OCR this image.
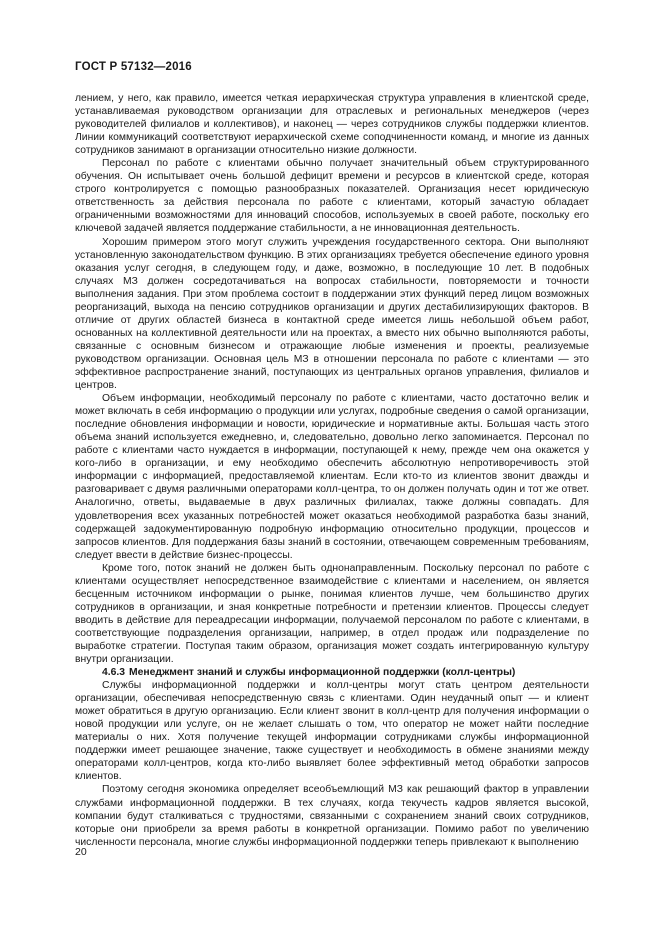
ГОСТ Р 57132—2016

лением, у него, как правило, имеется четкая иерархическая структура управления в клиентской среде, устанавливаемая руководством организации для отраслевых и региональных менеджеров (через руководителей филиалов и коллективов), и наконец — через сотрудников службы поддержки клиентов. Линии коммуникаций соответствуют иерархической схеме соподчиненности команд, и многие из данных сотрудников занимают в организации относительно низкие должности.

Персонал по работе с клиентами обычно получает значительный объем структурированного обучения. Он испытывает очень большой дефицит времени и ресурсов в клиентской среде, которая строго контролируется с помощью разнообразных показателей. Организация несет юридическую ответственность за действия персонала по работе с клиентами, который зачастую обладает ограниченными возможностями для инноваций способов, используемых в своей работе, поскольку его ключевой задачей является поддержание стабильности, а не инновационная деятельность.

Хорошим примером этого могут служить учреждения государственного сектора. Они выполняют установленную законодательством функцию. В этих организациях требуется обеспечение единого уровня оказания услуг сегодня, в следующем году, и даже, возможно, в последующие 10 лет. В подобных случаях МЗ должен сосредотачиваться на вопросах стабильности, повторяемости и точности выполнения задания. При этом проблема состоит в поддержании этих функций перед лицом возможных реорганизаций, выхода на пенсию сотрудников организации и других дестабилизирующих факторов. В отличие от других областей бизнеса в контактной среде имеется лишь небольшой объем работ, основанных на коллективной деятельности или на проектах, а вместо них обычно выполняются работы, связанные с основным бизнесом и отражающие любые изменения и проекты, реализуемые руководством организации. Основная цель МЗ в отношении персонала по работе с клиентами — это эффективное распространение знаний, поступающих из центральных органов управления, филиалов и центров.

Объем информации, необходимый персоналу по работе с клиентами, часто достаточно велик и может включать в себя информацию о продукции или услугах, подробные сведения о самой организации, последние обновления информации и новости, юридические и нормативные акты. Большая часть этого объема знаний используется ежедневно, и, следовательно, довольно легко запоминается. Персонал по работе с клиентами часто нуждается в информации, поступающей к нему, прежде чем она окажется у кого-либо в организации, и ему необходимо обеспечить абсолютную непротиворечивость этой информации с информацией, предоставляемой клиентам. Если кто-то из клиентов звонит дважды и разговаривает с двумя различными операторами колл-центра, то он должен получать один и тот же ответ. Аналогично, ответы, выдаваемые в двух различных филиалах, также должны совпадать. Для удовлетворения всех указанных потребностей может оказаться необходимой разработка базы знаний, содержащей задокументированную подробную информацию относительно продукции, процессов и запросов клиентов. Для поддержания базы знаний в состоянии, отвечающем современным требованиям, следует ввести в действие бизнес-процессы.

Кроме того, поток знаний не должен быть однонаправленным. Поскольку персонал по работе с клиентами осуществляет непосредственное взаимодействие с клиентами и населением, он является бесценным источником информации о рынке, понимая клиентов лучше, чем большинство других сотрудников в организации, и зная конкретные потребности и претензии клиентов. Процессы следует вводить в действие для переадресации информации, получаемой персоналом по работе с клиентами, в соответствующие подразделения организации, например, в отдел продаж или подразделение по выработке стратегии. Поступая таким образом, организация может создать интегрированную культуру внутри организации.

4.6.3 Менеджмент знаний и службы информационной поддержки (колл-центры)

Службы информационной поддержки и колл-центры могут стать центром деятельности организации, обеспечивая непосредственную связь с клиентами. Один неудачный опыт — и клиент может обратиться в другую организацию. Если клиент звонит в колл-центр для получения информации о новой продукции или услуге, он не желает слышать о том, что оператор не может найти последние материалы о них. Хотя получение текущей информации сотрудниками службы информационной поддержки имеет решающее значение, также существует и необходимость в обмене знаниями между операторами колл-центров, когда кто-либо выявляет более эффективный метод обработки запросов клиентов.

Поэтому сегодня экономика определяет всеобъемлющий МЗ как решающий фактор в управлении службами информационной поддержки. В тех случаях, когда текучесть кадров является высокой, компании будут сталкиваться с трудностями, связанными с сохранением знаний своих сотрудников, которые они приобрели за время работы в конкретной организации. Помимо работ по увеличению численности персонала, многие службы информационной поддержки теперь привлекают к выполнению

20
